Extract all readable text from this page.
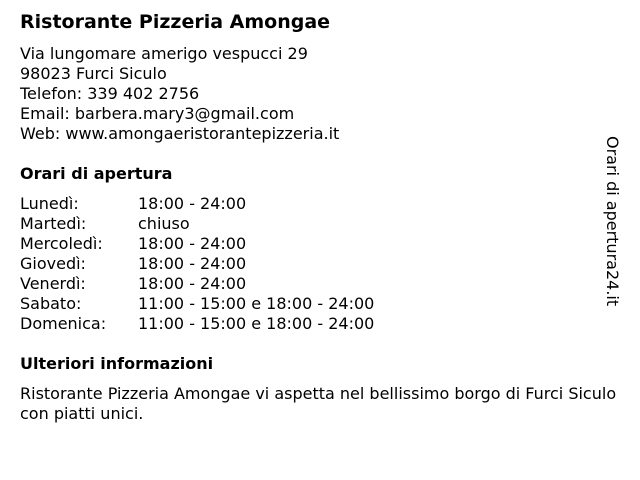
Ristorante Pizzeria Amongae
Via lungomare amerigo vespucci 29
98023 Furci Siculo
Telefon: 339 402 2756
Email: barbera.mary3@gmail.com
Web: www.amongaeristorantepizzeria.it
Orari di apertura
Lunedì:	18:00 - 24:00
Martedì:	chiuso
Mercoledì:	18:00 - 24:00
Giovedì:	18:00 - 24:00
Venerdì:	18:00 - 24:00
Sabato:	11:00 - 15:00 e 18:00 - 24:00
Domenica:	11:00 - 15:00 e 18:00 - 24:00
Ulteriori informazioni
Ristorante Pizzeria Amongae vi aspetta nel bellissimo borgo di Furci Siculo con piatti unici.
Orari di apertura24.it
